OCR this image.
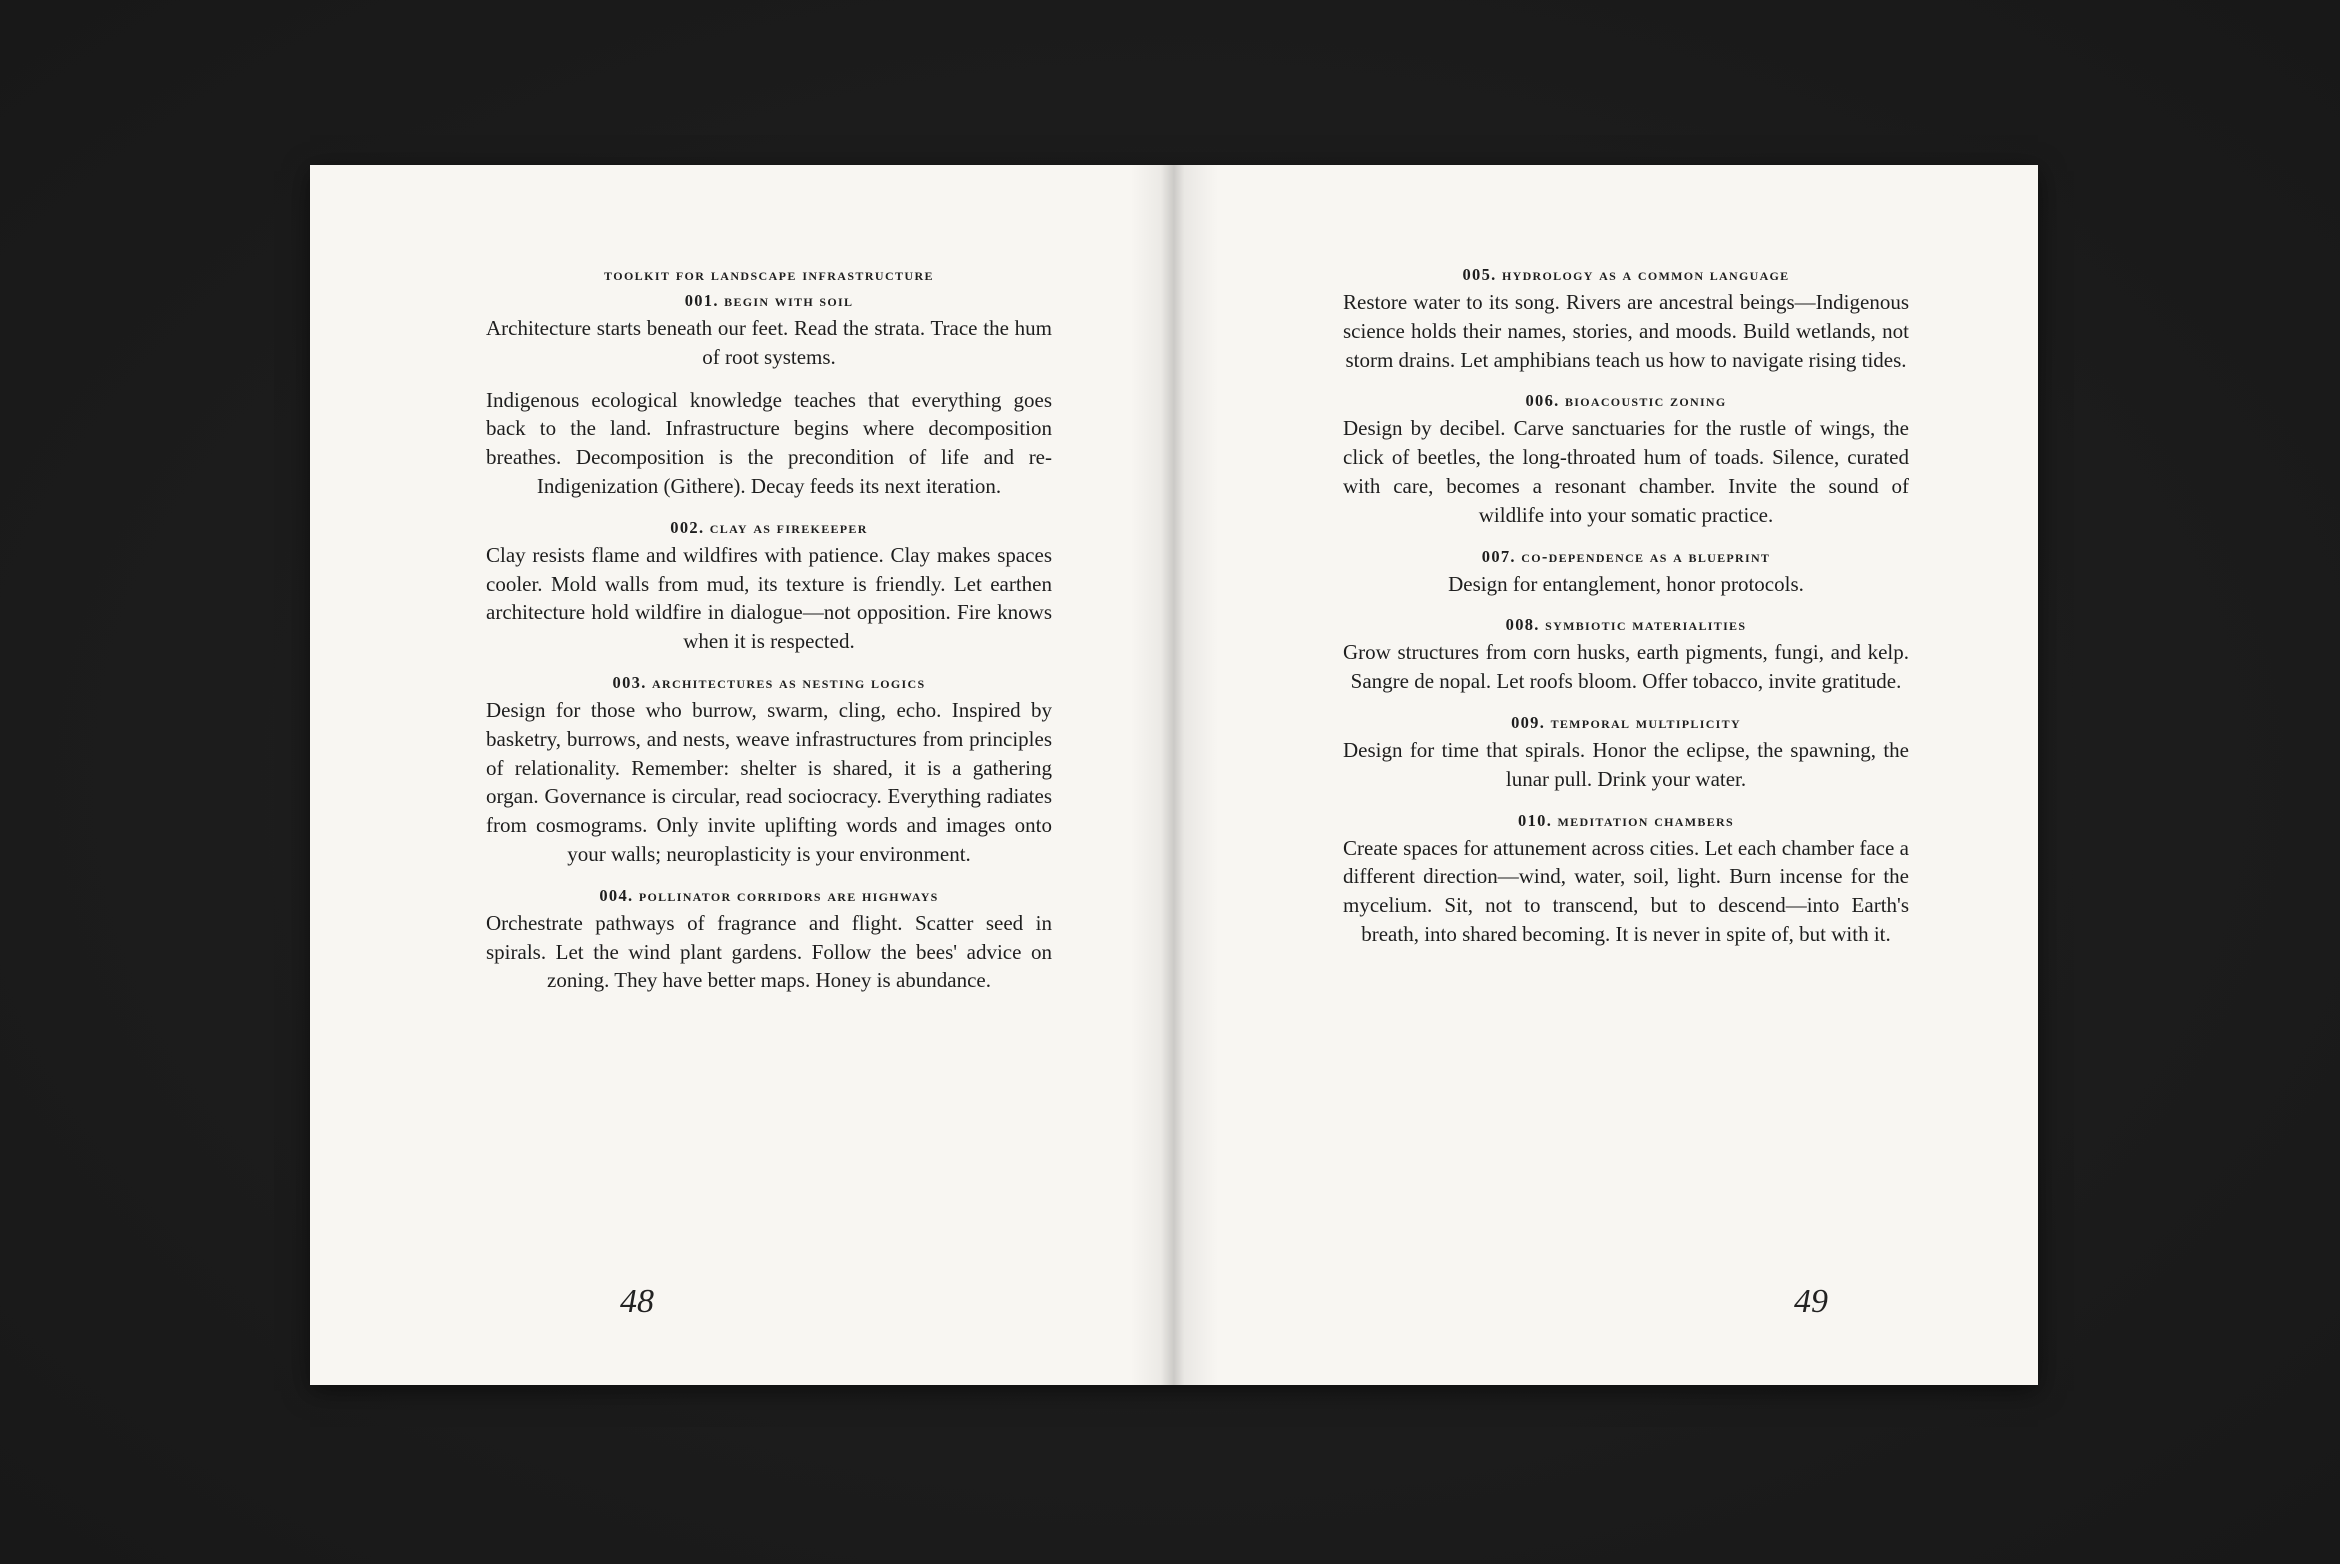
toolkit for landscape infrastructure
001. begin with soil

Architecture starts beneath our feet. Read the strata. Trace the hum of root systems.

Indigenous ecological knowledge teaches that everything goes back to the land. Infrastructure begins where decomposition breathes. Decomposition is the precondition of life and re-Indigenization (Githere). Decay feeds its next iteration.

002. clay as firekeeper

Clay resists flame and wildfires with patience. Clay makes spaces cooler. Mold walls from mud, its texture is friendly. Let earthen architecture hold wildfire in dialogue—not opposition. Fire knows when it is respected.

003. architectures as nesting logics

Design for those who burrow, swarm, cling, echo. Inspired by basketry, burrows, and nests, weave infrastructures from principles of relationality. Remember: shelter is shared, it is a gathering organ. Governance is circular, read sociocracy. Everything radiates from cosmograms. Only invite uplifting words and images onto your walls; neuroplasticity is your environment.

004. pollinator corridors are highways

Orchestrate pathways of fragrance and flight. Scatter seed in spirals. Let the wind plant gardens. Follow the bees' advice on zoning. They have better maps. Honey is abundance.

48
005. hydrology as a common language

Restore water to its song. Rivers are ancestral beings—Indigenous science holds their names, stories, and moods. Build wetlands, not storm drains. Let amphibians teach us how to navigate rising tides.

006. bioacoustic zoning

Design by decibel. Carve sanctuaries for the rustle of wings, the click of beetles, the long-throated hum of toads. Silence, curated with care, becomes a resonant chamber. Invite the sound of wildlife into your somatic practice.

007. co-dependence as a blueprint

Design for entanglement, honor protocols.

008. symbiotic materialities

Grow structures from corn husks, earth pigments, fungi, and kelp. Sangre de nopal. Let roofs bloom. Offer tobacco, invite gratitude.

009. temporal multiplicity

Design for time that spirals. Honor the eclipse, the spawning, the lunar pull. Drink your water.

010. meditation chambers

Create spaces for attunement across cities. Let each chamber face a different direction—wind, water, soil, light. Burn incense for the mycelium. Sit, not to transcend, but to descend—into Earth's breath, into shared becoming. It is never in spite of, but with it.

49
